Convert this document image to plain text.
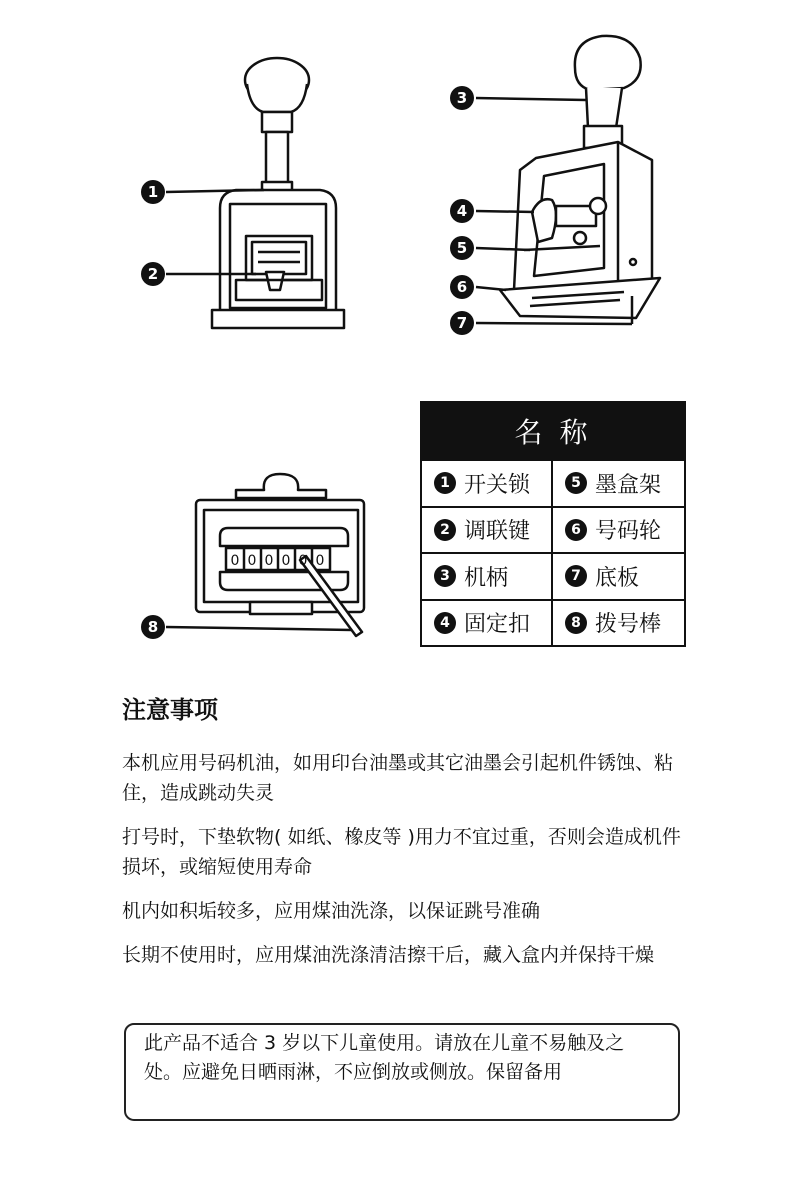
0 0 0 0 0 0
1
2
3
4
5
6
7
8
名 称
1 开关锁	5 墨盒架
2 调联键	6 号码轮
3 机柄	7 底板
4 固定扣	8 拨号棒
注意事项
本机应用号码机油，如用印台油墨或其它油墨会引起机件锈蚀、粘住，造成跳动失灵
打号时，下垫软物( 如纸、橡皮等 )用力不宜过重，否则会造成机件损坏，或缩短使用寿命
机内如积垢较多，应用煤油洗涤，以保证跳号准确
长期不使用时，应用煤油洗涤清洁擦干后，藏入盒内并保持干燥
此产品不适合 3 岁以下儿童使用。请放在儿童不易触及之处。应避免日晒雨淋，不应倒放或侧放。保留备用
